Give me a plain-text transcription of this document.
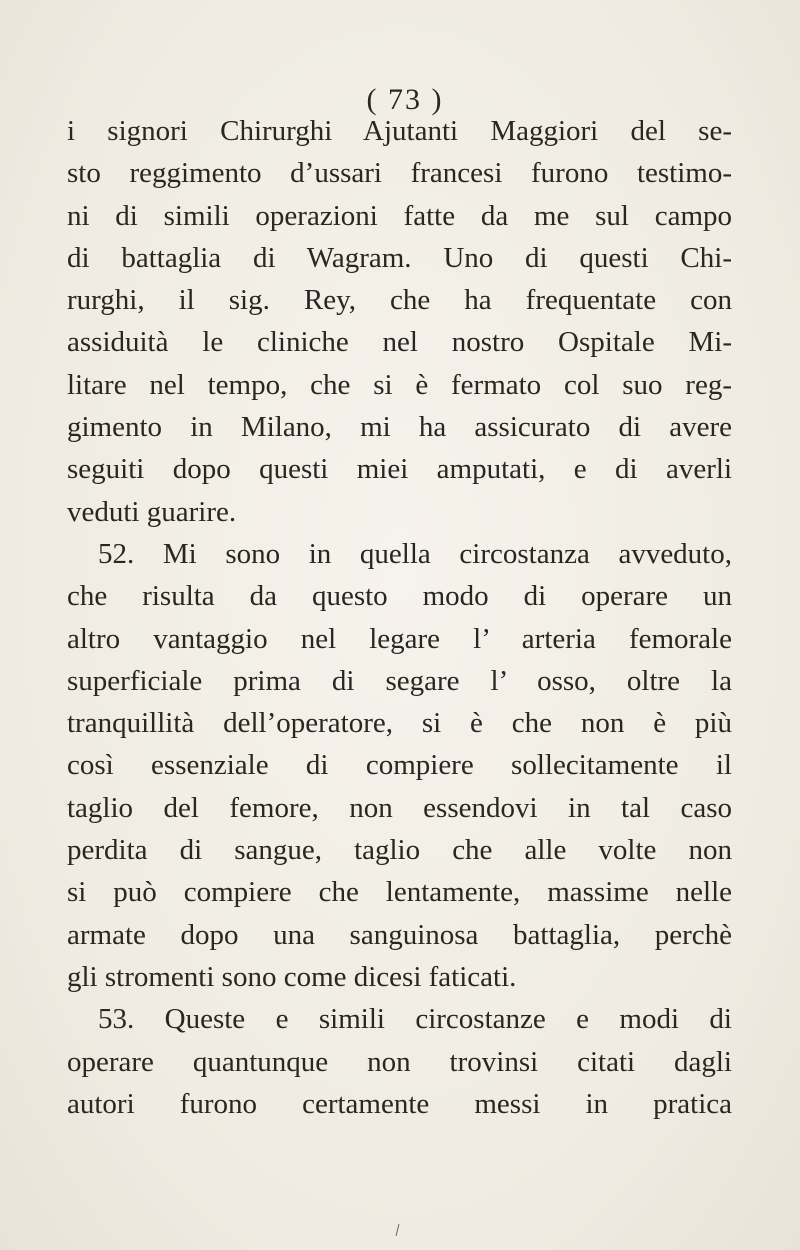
( 73 )
i signori Chirurghi Ajutanti Maggiori del se-
sto reggimento d’ussari francesi furono testimo-
ni di simili operazioni fatte da me sul campo
di battaglia di Wagram. Uno di questi Chi-
rurghi, il sig. Rey, che ha frequentate con
assiduità le cliniche nel nostro Ospitale Mi-
litare nel tempo, che si è fermato col suo reg-
gimento in Milano, mi ha assicurato di avere
seguiti dopo questi miei amputati, e di averli
veduti guarire.
52. Mi sono in quella circostanza avveduto,
che risulta da questo modo di operare un
altro vantaggio nel legare l’ arteria femorale
superficiale prima di segare l’ osso, oltre la
tranquillità dell’operatore, si è che non è più
così essenziale di compiere sollecitamente il
taglio del femore, non essendovi in tal caso
perdita di sangue, taglio che alle volte non
si può compiere che lentamente, massime nelle
armate dopo una sanguinosa battaglia, perchè
gli stromenti sono come dicesi faticati.
53. Queste e simili circostanze e modi di
operare quantunque non trovinsi citati dagli
autori furono certamente messi in pratica
